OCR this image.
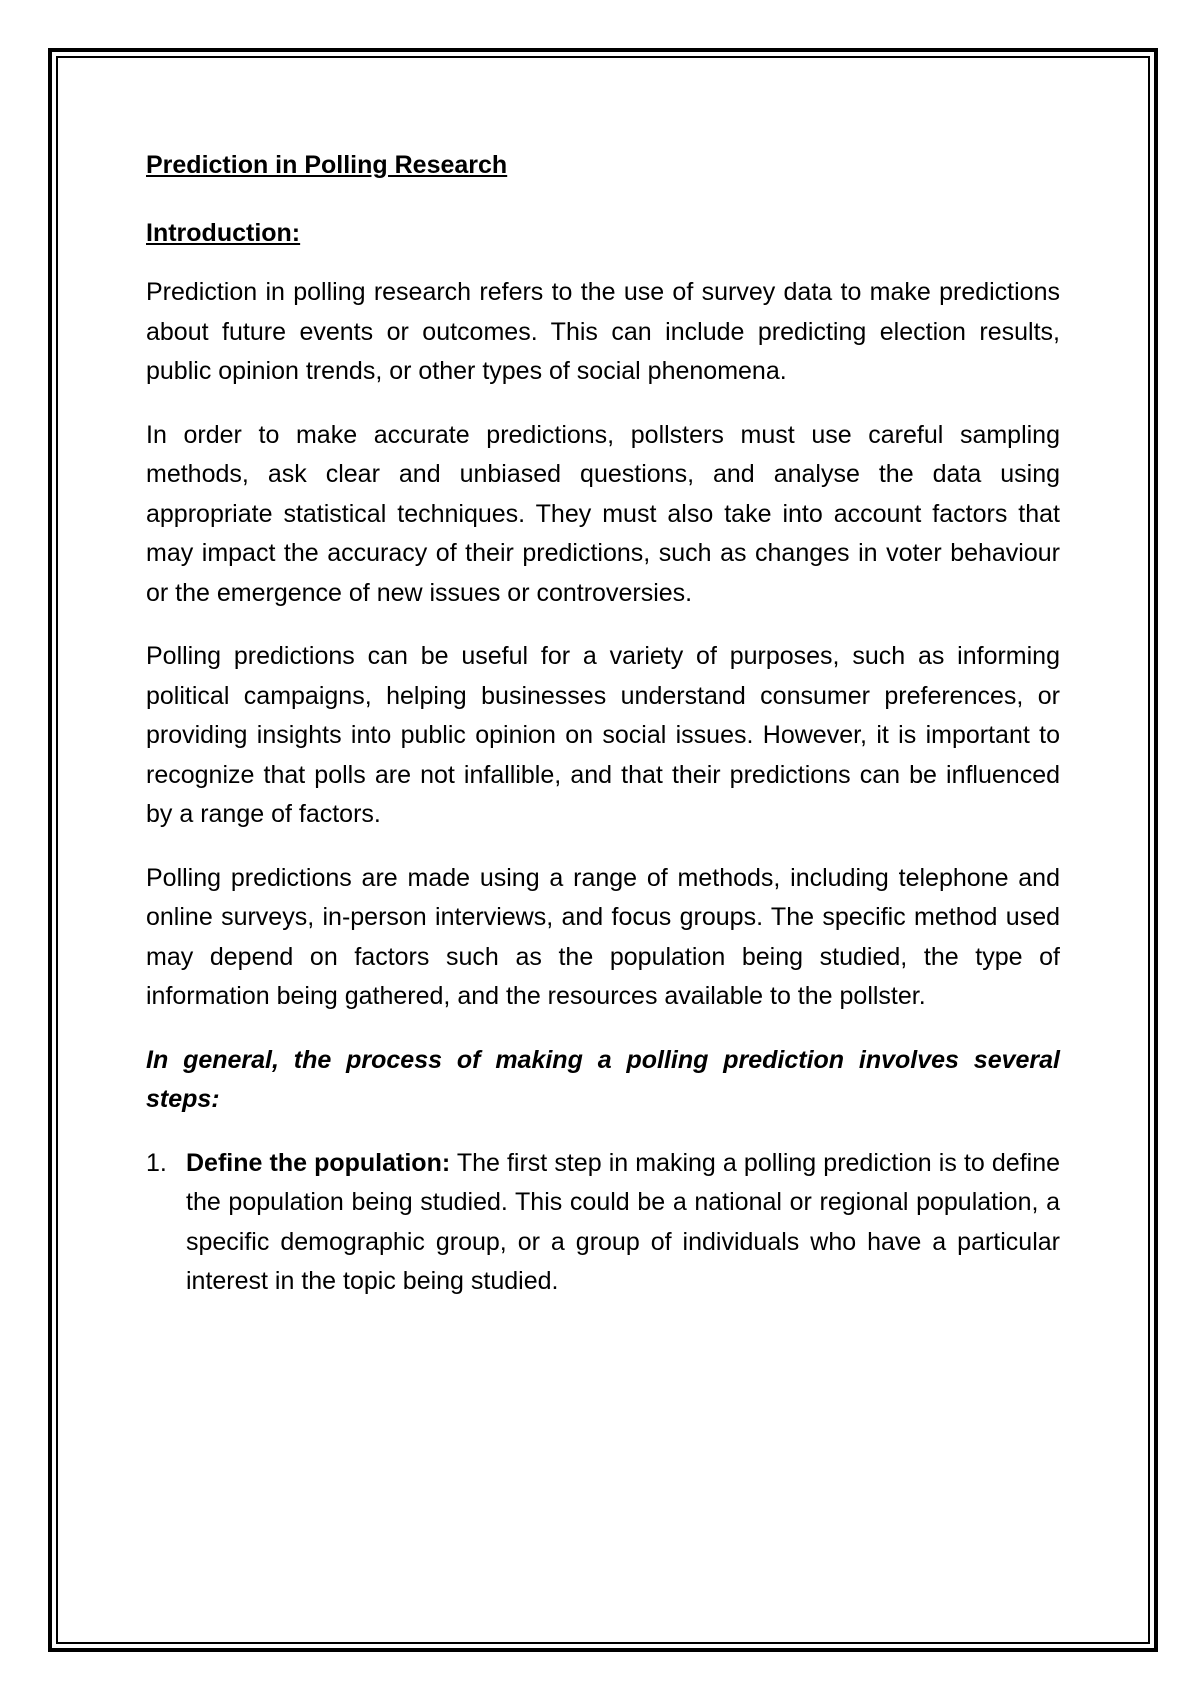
Prediction in Polling Research
Introduction:

Prediction in polling research refers to the use of survey data to make predictions about future events or outcomes. This can include predicting election results, public opinion trends, or other types of social phenomena.

In order to make accurate predictions, pollsters must use careful sampling methods, ask clear and unbiased questions, and analyse the data using appropriate statistical techniques. They must also take into account factors that may impact the accuracy of their predictions, such as changes in voter behaviour or the emergence of new issues or controversies.

Polling predictions can be useful for a variety of purposes, such as informing political campaigns, helping businesses understand consumer preferences, or providing insights into public opinion on social issues. However, it is important to recognize that polls are not infallible, and that their predictions can be influenced by a range of factors.

Polling predictions are made using a range of methods, including telephone and online surveys, in-person interviews, and focus groups. The specific method used may depend on factors such as the population being studied, the type of information being gathered, and the resources available to the pollster.

In general, the process of making a polling prediction involves several steps:

1. Define the population: The first step in making a polling prediction is to define the population being studied. This could be a national or regional population, a specific demographic group, or a group of individuals who have a particular interest in the topic being studied.
